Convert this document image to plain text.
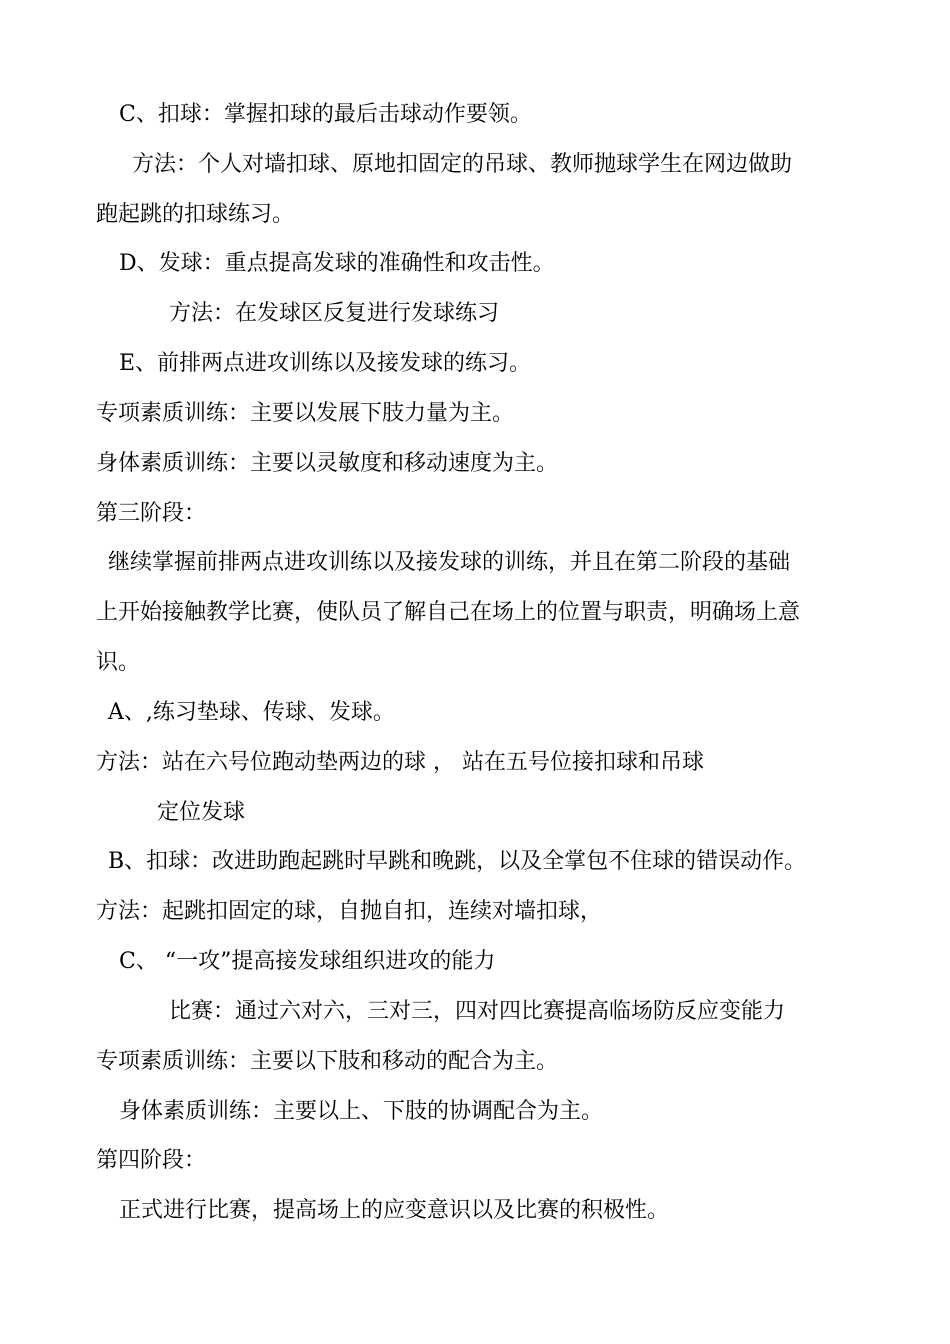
C、扣球：掌握扣球的最后击球动作要领。
方法：个人对墙扣球、原地扣固定的吊球、教师抛球学生在网边做助
跑起跳的扣球练习。
D、发球：重点提高发球的准确性和攻击性。
方法：在发球区反复进行发球练习
E、前排两点进攻训练以及接发球的练习。
专项素质训练：主要以发展下肢力量为主。
身体素质训练：主要以灵敏度和移动速度为主。
第三阶段：
继续掌握前排两点进攻训练以及接发球的训练，并且在第二阶段的基础
上开始接触教学比赛，使队员了解自己在场上的位置与职责，明确场上意
识。
A、,练习垫球、传球、发球。
方法：站在六号位跑动垫两边的球 ， 站在五号位接扣球和吊球
定位发球
B、扣球：改进助跑起跳时早跳和晚跳，以及全掌包不住球的错误动作。
方法：起跳扣固定的球，自抛自扣，连续对墙扣球，
C、 “一攻”提高接发球组织进攻的能力
比赛：通过六对六，三对三，四对四比赛提高临场防反应变能力
专项素质训练：主要以下肢和移动的配合为主。
身体素质训练：主要以上、下肢的协调配合为主。
第四阶段：
正式进行比赛，提高场上的应变意识以及比赛的积极性。
